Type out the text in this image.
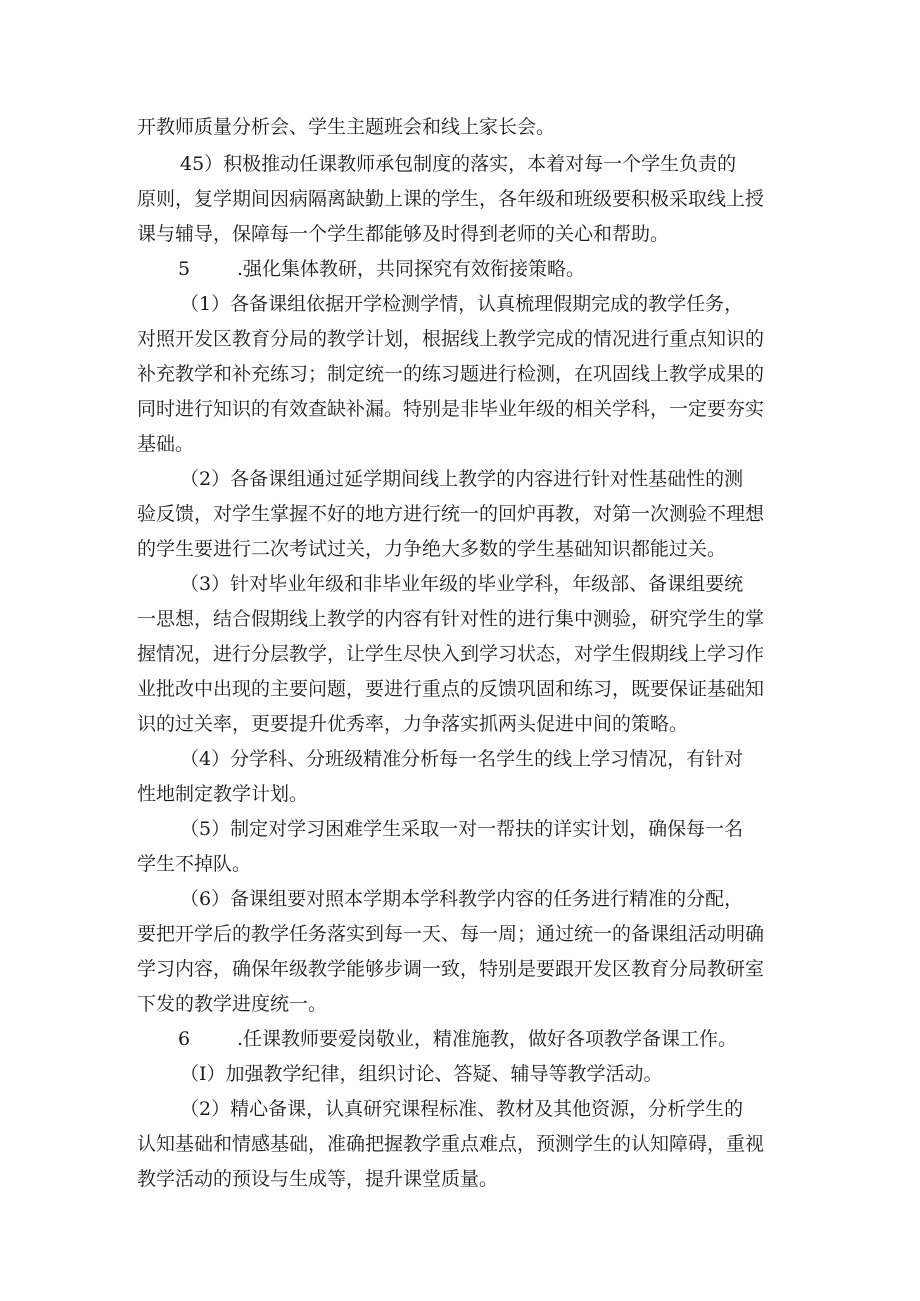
开教师质量分析会、学生主题班会和线上家长会。
45）积极推动任课教师承包制度的落实，本着对每一个学生负责的
原则，复学期间因病隔离缺勤上课的学生，各年级和班级要积极采取线上授
课与辅导，保障每一个学生都能够及时得到老师的关心和帮助。
5 .强化集体教研，共同探究有效衔接策略。
（1）各备课组依据开学检测学情，认真梳理假期完成的教学任务，
对照开发区教育分局的教学计划，根据线上教学完成的情况进行重点知识的
补充教学和补充练习；制定统一的练习题进行检测，在巩固线上教学成果的
同时进行知识的有效查缺补漏。特别是非毕业年级的相关学科，一定要夯实
基础。
（2）各备课组通过延学期间线上教学的内容进行针对性基础性的测
验反馈，对学生掌握不好的地方进行统一的回炉再教，对第一次测验不理想
的学生要进行二次考试过关，力争绝大多数的学生基础知识都能过关。
（3）针对毕业年级和非毕业年级的毕业学科，年级部、备课组要统
一思想，结合假期线上教学的内容有针对性的进行集中测验，研究学生的掌
握情况，进行分层教学，让学生尽快入到学习状态，对学生假期线上学习作
业批改中出现的主要问题，要进行重点的反馈巩固和练习，既要保证基础知
识的过关率，更要提升优秀率，力争落实抓两头促进中间的策略。
（4）分学科、分班级精准分析每一名学生的线上学习情况，有针对
性地制定教学计划。
（5）制定对学习困难学生采取一对一帮扶的详实计划，确保每一名
学生不掉队。
（6）备课组要对照本学期本学科教学内容的任务进行精准的分配，
要把开学后的教学任务落实到每一天、每一周；通过统一的备课组活动明确
学习内容，确保年级教学能够步调一致，特别是要跟开发区教育分局教研室
下发的教学进度统一。
6 .任课教师要爱岗敬业，精准施教，做好各项教学备课工作。
（I）加强教学纪律，组织讨论、答疑、辅导等教学活动。
（2）精心备课，认真研究课程标准、教材及其他资源，分析学生的
认知基础和情感基础，准确把握教学重点难点，预测学生的认知障碍，重视
教学活动的预设与生成等，提升课堂质量。
